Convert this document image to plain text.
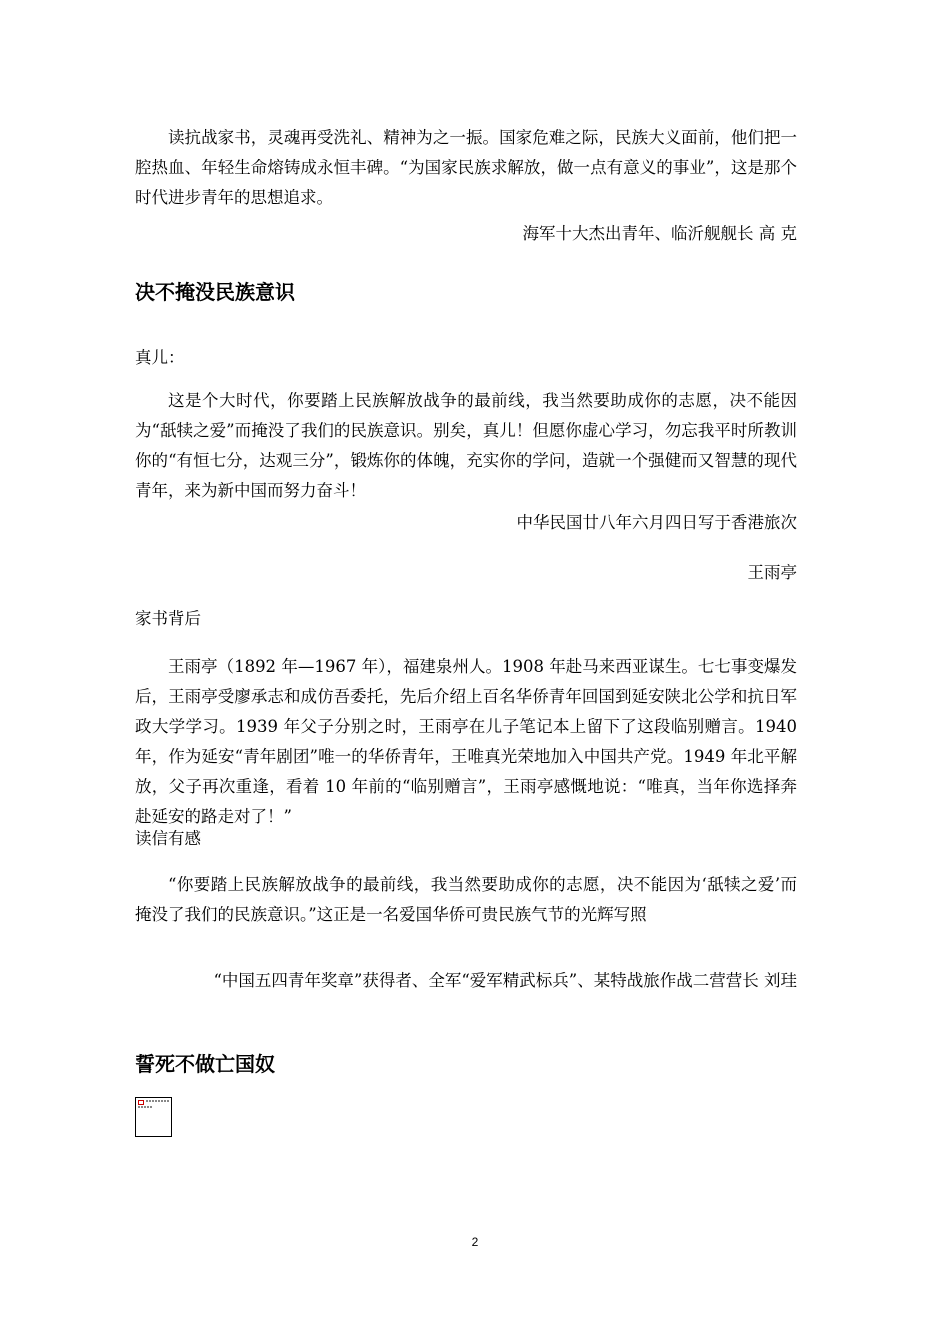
读抗战家书，灵魂再受洗礼、精神为之一振。国家危难之际，民族大义面前，他们把一腔热血、年轻生命熔铸成永恒丰碑。“为国家民族求解放，做一点有意义的事业”，这是那个时代进步青年的思想追求。

海军十大杰出青年、临沂舰舰长 高 克

决不掩没民族意识

真儿：

这是个大时代，你要踏上民族解放战争的最前线，我当然要助成你的志愿，决不能因为“舐犊之爱”而掩没了我们的民族意识。别矣，真儿！但愿你虚心学习，勿忘我平时所教训你的“有恒七分，达观三分”，锻炼你的体魄，充实你的学问，造就一个强健而又智慧的现代青年，来为新中国而努力奋斗！

中华民国廿八年六月四日写于香港旅次

王雨亭

家书背后

王雨亭（1892 年—1967 年），福建泉州人。1908 年赴马来西亚谋生。七七事变爆发后，王雨亭受廖承志和成仿吾委托，先后介绍上百名华侨青年回国到延安陕北公学和抗日军政大学学习。1939 年父子分别之时，王雨亭在儿子笔记本上留下了这段临别赠言。1940 年，作为延安“青年剧团”唯一的华侨青年，王唯真光荣地加入中国共产党。1949 年北平解放，父子再次重逢，看着 10 年前的“临别赠言”，王雨亭感慨地说：“唯真，当年你选择奔赴延安的路走对了！”

读信有感

“你要踏上民族解放战争的最前线，我当然要助成你的志愿，决不能因为‘舐犊之爱’而掩没了我们的民族意识。”这正是一名爱国华侨可贵民族气节的光辉写照

“中国五四青年奖章”获得者、全军“爱军精武标兵”、某特战旅作战二营营长 刘珪

誓死不做亡国奴
2
